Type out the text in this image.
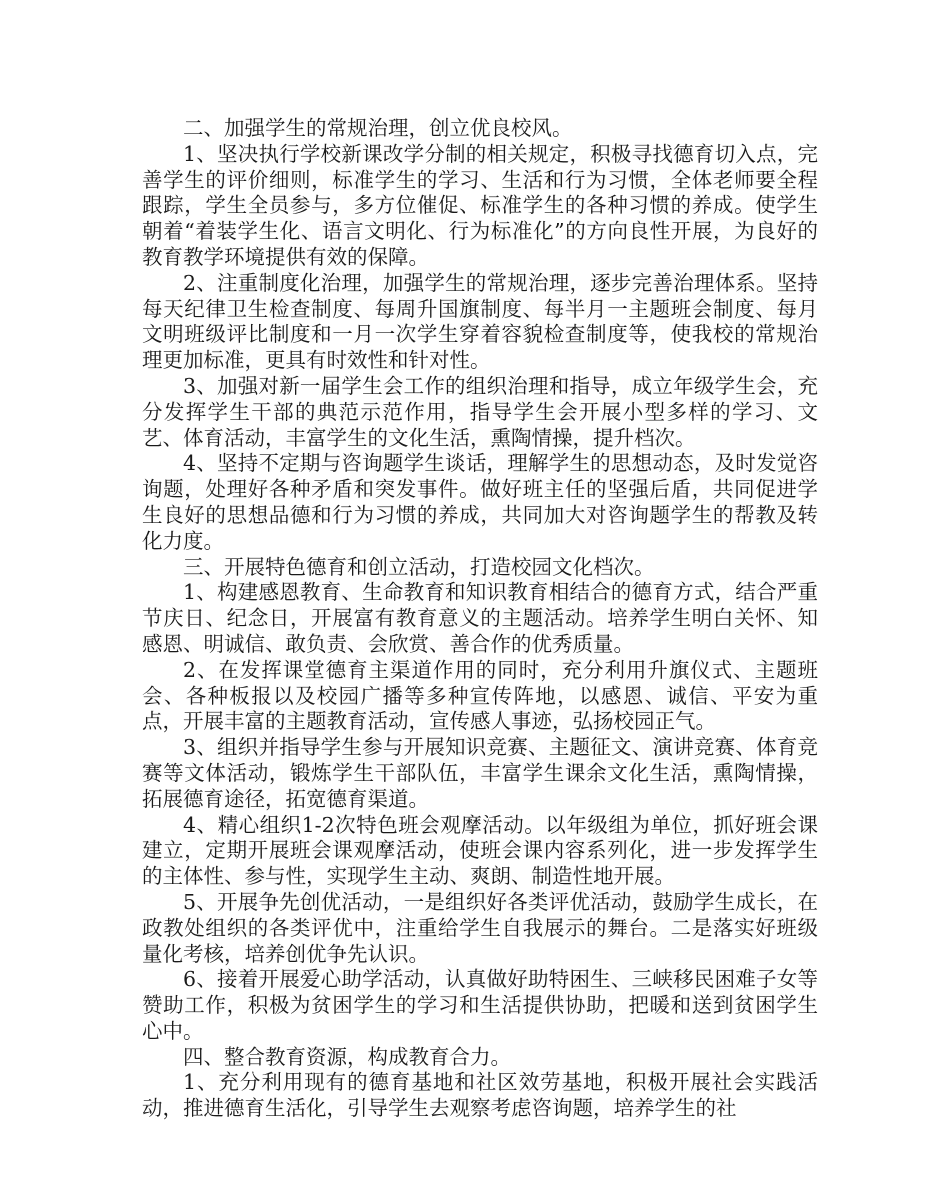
二、加强学生的常规治理，创立优良校风。

1、坚决执行学校新课改学分制的相关规定，积极寻找德育切入点，完善学生的评价细则，标准学生的学习、生活和行为习惯，全体老师要全程跟踪，学生全员参与，多方位催促、标准学生的各种习惯的养成。使学生朝着“着装学生化、语言文明化、行为标准化”的方向良性开展，为良好的教育教学环境提供有效的保障。

2、注重制度化治理，加强学生的常规治理，逐步完善治理体系。坚持每天纪律卫生检查制度、每周升国旗制度、每半月一主题班会制度、每月文明班级评比制度和一月一次学生穿着容貌检查制度等，使我校的常规治理更加标准，更具有时效性和针对性。

3、加强对新一届学生会工作的组织治理和指导，成立年级学生会，充分发挥学生干部的典范示范作用，指导学生会开展小型多样的学习、文艺、体育活动，丰富学生的文化生活，熏陶情操，提升档次。

4、坚持不定期与咨询题学生谈话，理解学生的思想动态，及时发觉咨询题，处理好各种矛盾和突发事件。做好班主任的坚强后盾，共同促进学生良好的思想品德和行为习惯的养成，共同加大对咨询题学生的帮教及转化力度。

三、开展特色德育和创立活动，打造校园文化档次。

1、构建感恩教育、生命教育和知识教育相结合的德育方式，结合严重节庆日、纪念日，开展富有教育意义的主题活动。培养学生明白关怀、知感恩、明诚信、敢负责、会欣赏、善合作的优秀质量。

2、在发挥课堂德育主渠道作用的同时，充分利用升旗仪式、主题班会、各种板报以及校园广播等多种宣传阵地，以感恩、诚信、平安为重点，开展丰富的主题教育活动，宣传感人事迹，弘扬校园正气。

3、组织并指导学生参与开展知识竞赛、主题征文、演讲竞赛、体育竞赛等文体活动，锻炼学生干部队伍，丰富学生课余文化生活，熏陶情操，拓展德育途径，拓宽德育渠道。

4、精心组织1-2次特色班会观摩活动。以年级组为单位，抓好班会课建立，定期开展班会课观摩活动，使班会课内容系列化，进一步发挥学生的主体性、参与性，实现学生主动、爽朗、制造性地开展。

5、开展争先创优活动，一是组织好各类评优活动，鼓励学生成长，在政教处组织的各类评优中，注重给学生自我展示的舞台。二是落实好班级量化考核，培养创优争先认识。

6、接着开展爱心助学活动，认真做好助特困生、三峡移民困难子女等赞助工作，积极为贫困学生的学习和生活提供协助，把暖和送到贫困学生心中。

四、整合教育资源，构成教育合力。

1、充分利用现有的德育基地和社区效劳基地，积极开展社会实践活动，推进德育生活化，引导学生去观察考虑咨询题，培养学生的社
